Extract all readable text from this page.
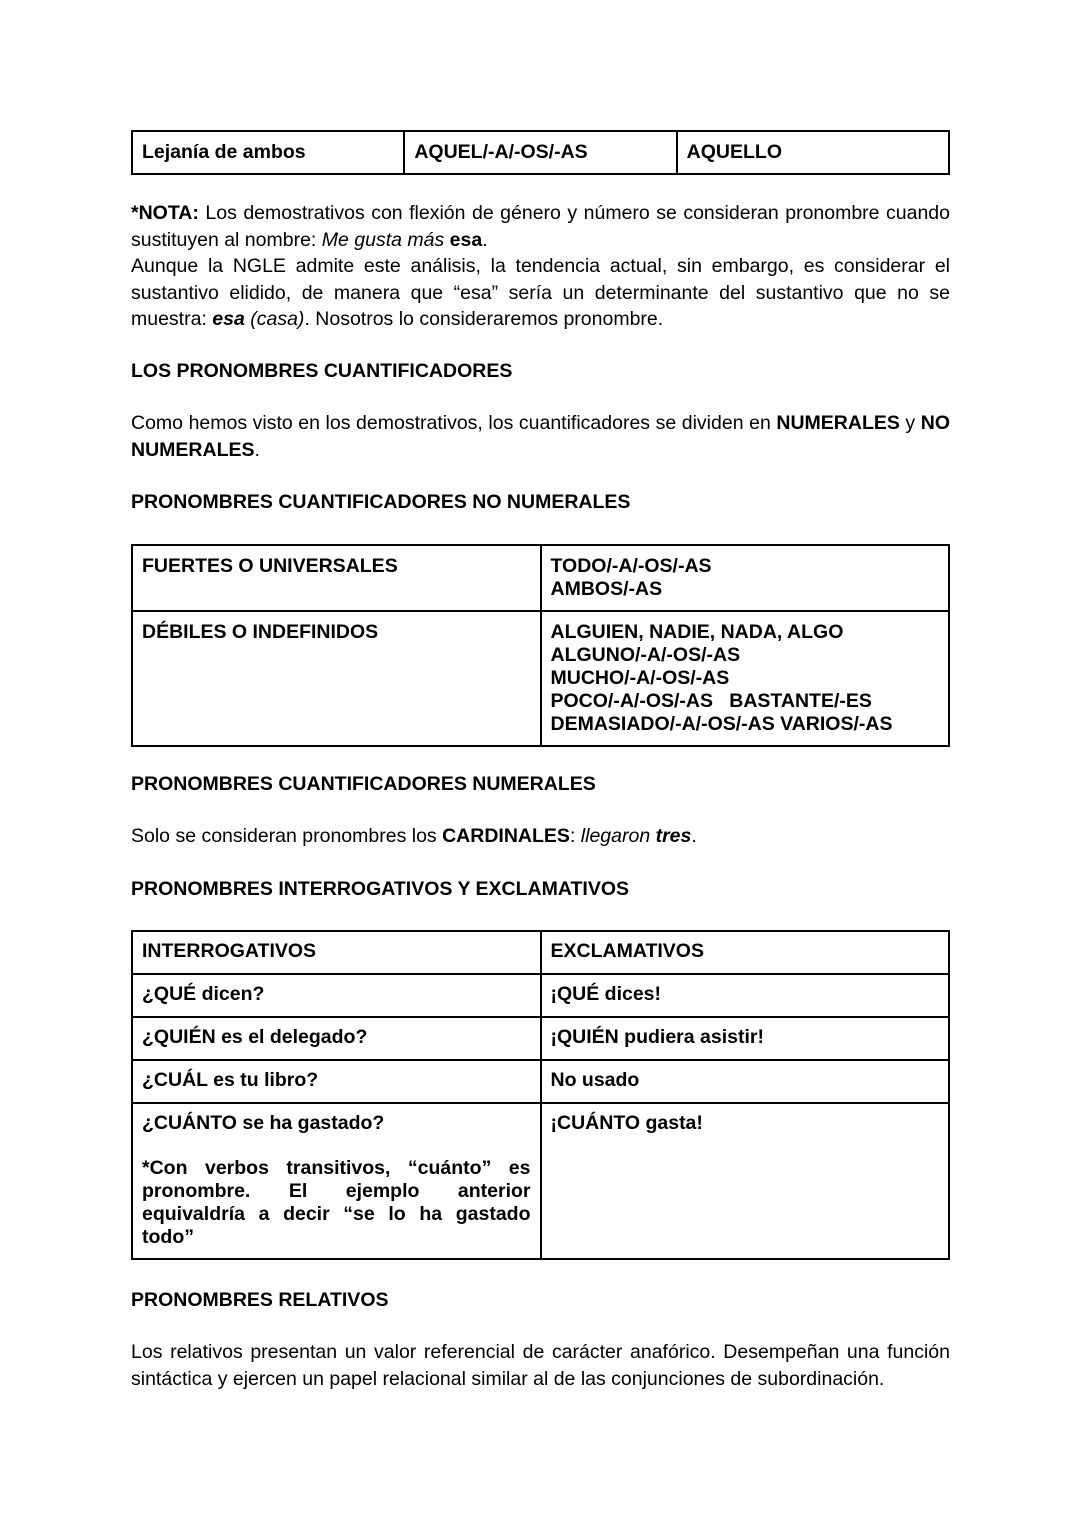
Lejanía de ambos	AQUEL/-A/-OS/-AS	AQUELLO

*NOTA: Los demostrativos con flexión de género y número se consideran pronombre cuando sustituyen al nombre: Me gusta más esa.

Aunque la NGLE admite este análisis, la tendencia actual, sin embargo, es considerar el sustantivo elidido, de manera que “esa” sería un determinante del sustantivo que no se muestra: esa (casa). Nosotros lo consideraremos pronombre.

LOS PRONOMBRES CUANTIFICADORES

Como hemos visto en los demostrativos, los cuantificadores se dividen en NUMERALES y NO NUMERALES.

PRONOMBRES CUANTIFICADORES NO NUMERALES
FUERTES O UNIVERSALES	TODO/-A/-OS/-AS
AMBOS/-AS

DÉBILES O INDEFINIDOS	ALGUIEN, NADIE, NADA, ALGO
ALGUNO/-A/-OS/-AS
MUCHO/-A/-OS/-AS
POCO/-A/-OS/-AS   BASTANTE/-ES
DEMASIADO/-A/-OS/-AS VARIOS/-AS
PRONOMBRES CUANTIFICADORES NUMERALES

Solo se consideran pronombres los CARDINALES: llegaron tres.

PRONOMBRES INTERROGATIVOS Y EXCLAMATIVOS
INTERROGATIVOS	EXCLAMATIVOS
¿QUÉ dicen?	¡QUÉ dices!
¿QUIÉN es el delegado?	¡QUIÉN pudiera asistir!
¿CUÁL es tu libro?	No usado

¿CUÁNTO se ha gastado?
*Con verbos transitivos, “cuánto” es pronombre. El ejemplo anterior equivaldría a decir “se lo ha gastado todo”	¡CUÁNTO gasta!
PRONOMBRES RELATIVOS

Los relativos presentan un valor referencial de carácter anafórico. Desempeñan una función sintáctica y ejercen un papel relacional similar al de las conjunciones de subordinación.
